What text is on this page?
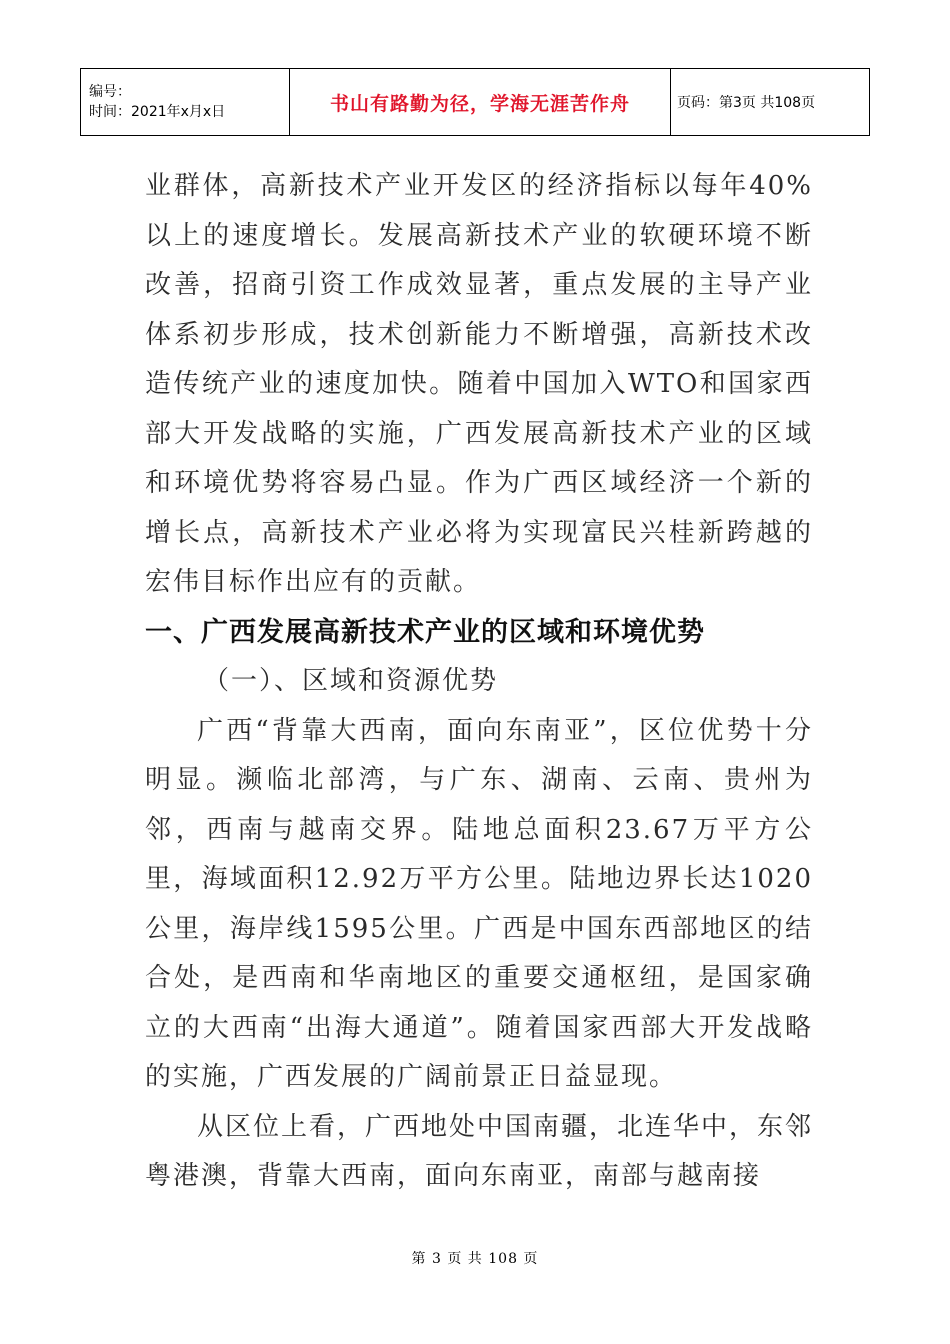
编号：
时间：2021年x月x日	书山有路勤为径，学海无涯苦作舟	页码：第3页 共108页

业群体，高新技术产业开发区的经济指标以每年40%以上的速度增长。发展高新技术产业的软硬环境不断改善，招商引资工作成效显著，重点发展的主导产业体系初步形成，技术创新能力不断增强，高新技术改造传统产业的速度加快。随着中国加入WTO和国家西部大开发战略的实施，广西发展高新技术产业的区域和环境优势将容易凸显。作为广西区域经济一个新的增长点，高新技术产业必将为实现富民兴桂新跨越的宏伟目标作出应有的贡献。

一、广西发展高新技术产业的区域和环境优势

（一）、区域和资源优势

广西“背靠大西南，面向东南亚”，区位优势十分明显。濒临北部湾，与广东、湖南、云南、贵州为邻，西南与越南交界。陆地总面积23.67万平方公里，海域面积12.92万平方公里。陆地边界长达1020公里，海岸线1595公里。广西是中国东西部地区的结合处，是西南和华南地区的重要交通枢纽，是国家确立的大西南“出海大通道”。随着国家西部大开发战略的实施，广西发展的广阔前景正日益显现。

从区位上看，广西地处中国南疆，北连华中，东邻粤港澳，背靠大西南，面向东南亚，南部与越南接

第 3 页 共 108 页
